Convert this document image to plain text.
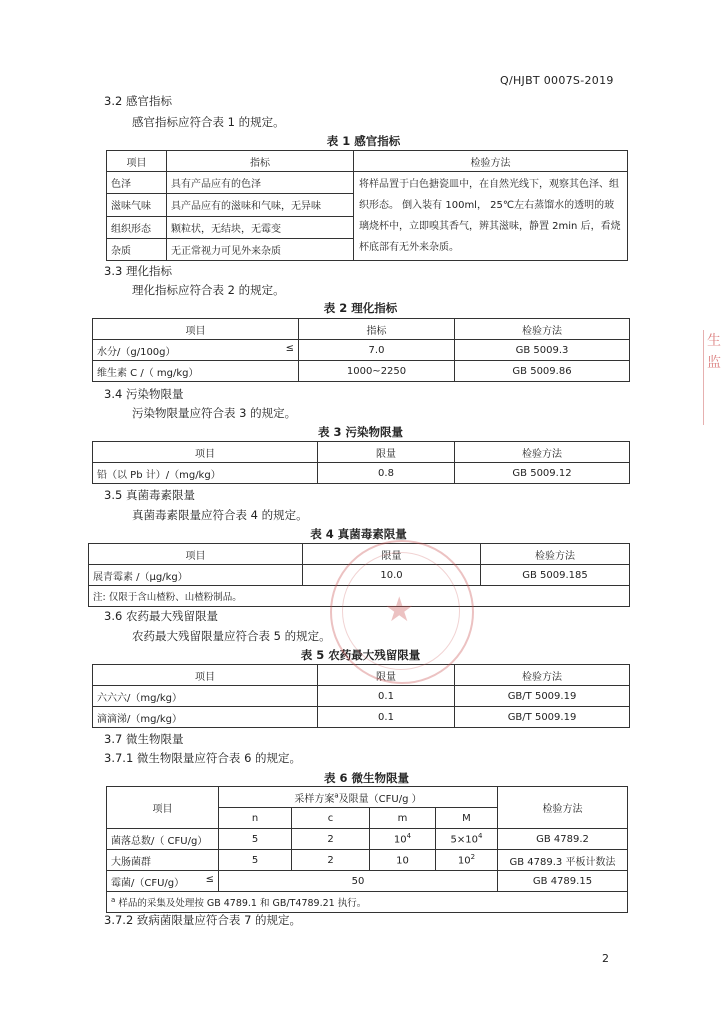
Q/HJBT 0007S-2019
3.2 感官指标
感官指标应符合表 1 的规定。
表 1 感官指标
项目	指标	检验方法
色泽	具有产品应有的色泽	将样品置于白色搪瓷皿中，在自然光线下，观察其色泽、组织形态。 倒入装有 100ml， 25℃左右蒸馏水的透明的玻璃烧杯中，立即嗅其香气，辨其滋味，静置 2min 后，看烧杯底部有无外来杂质。
滋味气味	具产品应有的滋味和气味，无异味	
组织形态	颗粒状，无结块，无霉变	
杂质	无正常视力可见外来杂质	
3.3 理化指标
理化指标应符合表 2 的规定。
表 2 理化指标
项目	指标	检验方法
水分/（g/100g） ≤	7.0	GB 5009.3
维生素 C /（ mg/kg）	1000~2250	GB 5009.86
3.4 污染物限量
污染物限量应符合表 3 的规定。
表 3 污染物限量
项目	限量	检验方法
铅（以 Pb 计）/（mg/kg）	0.8	GB 5009.12
3.5 真菌毒素限量
真菌毒素限量应符合表 4 的规定。
表 4 真菌毒素限量
项目	限量	检验方法
展青霉素 /（μg/kg）	10.0	GB 5009.185
注: 仅限于含山楂粉、山楂粉制品。		
3.6 农药最大残留限量
农药最大残留限量应符合表 5 的规定。
表 5 农药最大残留限量
项目	限量	检验方法
六六六/（mg/kg）	0.1	GB/T 5009.19
滴滴涕/（mg/kg）	0.1	GB/T 5009.19
3.7 微生物限量
3.7.1 微生物限量应符合表 6 的规定。
表 6 微生物限量
项目	采样方案$^a$及限量（CFU/g ）				检验方法
	n	c	m	M	
菌落总数/（ CFU/g）	5	2	$10^4$	$5\times 10^4$	GB 4789.2
大肠菌群	5	2	10	$10^2$	GB 4789.3 平板计数法
霉菌/（CFU/g） ≤	50				GB 4789.15
$^a$ 样品的采集及处理按 GB 4789.1 和 GB/T4789.21 执行。					
3.7.2 致病菌限量应符合表 7 的规定。
2
★
生
监
